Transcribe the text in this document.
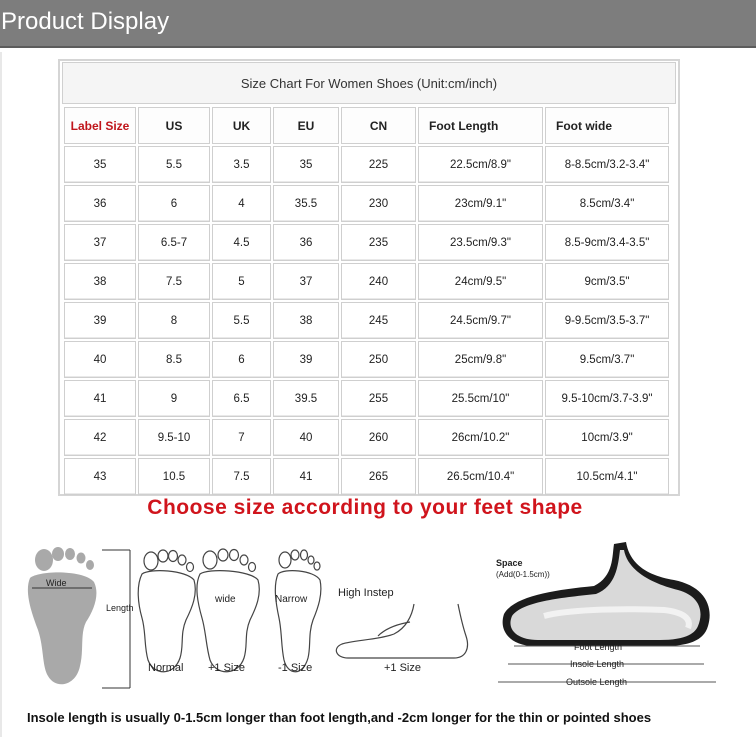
Product Display
Size Chart For Women Shoes (Unit:cm/inch)
Label Size	US	UK	EU	CN	Foot Length	Foot wide
35	5.5	3.5	35	225	22.5cm/8.9"	8-8.5cm/3.2-3.4"
36	6	4	35.5	230	23cm/9.1"	8.5cm/3.4"
37	6.5-7	4.5	36	235	23.5cm/9.3"	8.5-9cm/3.4-3.5"
38	7.5	5	37	240	24cm/9.5"	9cm/3.5"
39	8	5.5	38	245	24.5cm/9.7"	9-9.5cm/3.5-3.7"
40	8.5	6	39	250	25cm/9.8"	9.5cm/3.7"
41	9	6.5	39.5	255	25.5cm/10"	9.5-10cm/3.7-3.9"
42	9.5-10	7	40	260	26cm/10.2"	10cm/3.9"
43	10.5	7.5	41	265	26.5cm/10.4"	10.5cm/4.1"
Choose size according to your feet shape
Wide
Length
Normal
wide
+1 Size
Narrow
-1 Size
High Instep
+1 Size
Space
(Add(0-1.5cm))
Foot Length
Insole Length
Outsole Length
Insole length is usually 0-1.5cm longer than foot length,and -2cm longer for the thin or pointed shoes
